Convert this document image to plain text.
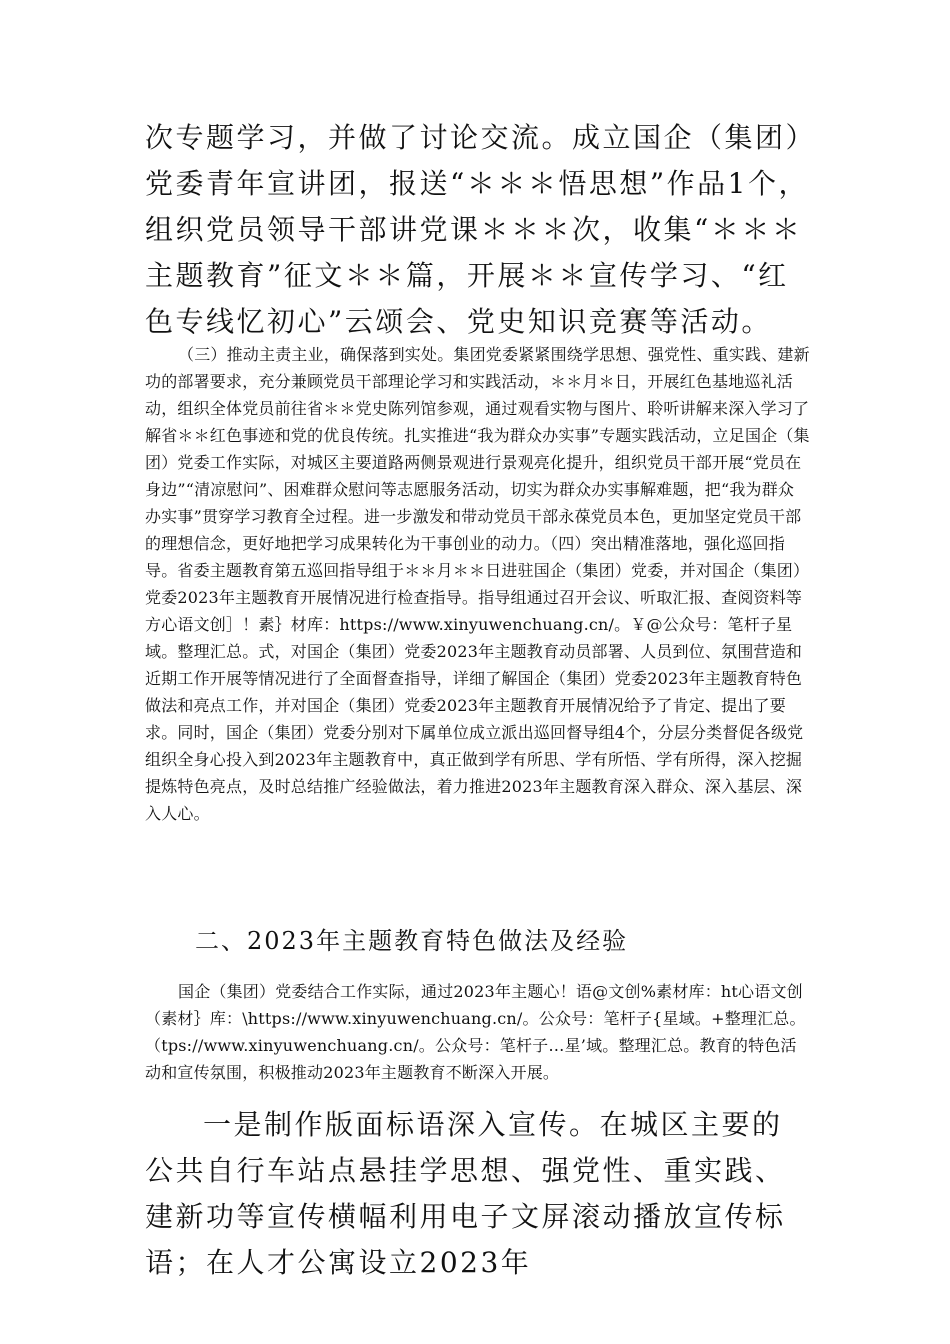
次专题学习，并做了讨论交流。成立国企（集团）党委青年宣讲团，报送“＊＊＊悟思想”作品1个，组织党员领导干部讲党课＊＊＊次，收集“＊＊＊主题教育”征文＊＊篇，开展＊＊宣传学习、“红色专线忆初心”云颂会、党史知识竞赛等活动。

（三）推动主责主业，确保落到实处。集团党委紧紧围绕学思想、强党性、重实践、建新功的部署要求，充分兼顾党员干部理论学习和实践活动，＊＊月＊日，开展红色基地巡礼活动，组织全体党员前往省＊＊党史陈列馆参观，通过观看实物与图片、聆听讲解来深入学习了解省＊＊红色事迹和党的优良传统。扎实推进“我为群众办实事”专题实践活动，立足国企（集团）党委工作实际，对城区主要道路两侧景观进行景观亮化提升，组织党员干部开展“党员在身边”“清凉慰问”、困难群众慰问等志愿服务活动，切实为群众办实事解难题，把“我为群众办实事”贯穿学习教育全过程。进一步激发和带动党员干部永葆党员本色，更加坚定党员干部的理想信念，更好地把学习成果转化为干事创业的动力。（四）突出精准落地，强化巡回指导。省委主题教育第五巡回指导组于＊＊月＊＊日进驻国企（集团）党委，并对国企（集团）党委2023年主题教育开展情况进行检查指导。指导组通过召开会议、听取汇报、查阅资料等方心语文创］！素｝材库：https://www.xinyuwenchuang.cn/。￥@公众号：笔杆子星域。整理汇总。式，对国企（集团）党委2023年主题教育动员部署、人员到位、氛围营造和近期工作开展等情况进行了全面督查指导，详细了解国企（集团）党委2023年主题教育特色做法和亮点工作，并对国企（集团）党委2023年主题教育开展情况给予了肯定、提出了要求。同时，国企（集团）党委分别对下属单位成立派出巡回督导组4个，分层分类督促各级党组织全身心投入到2023年主题教育中，真正做到学有所思、学有所悟、学有所得，深入挖掘提炼特色亮点，及时总结推广经验做法，着力推进2023年主题教育深入群众、深入基层、深入人心。

二、2023年主题教育特色做法及经验

国企（集团）党委结合工作实际，通过2023年主题心！语@文创%素材库：ht心语文创（素材｝库：\https://www.xinyuwenchuang.cn/。公众号：笔杆子{星域。+整理汇总。（tps://www.xinyuwenchuang.cn/。公众号：笔杆子…星’域。整理汇总。教育的特色活动和宣传氛围，积极推动2023年主题教育不断深入开展。

一是制作版面标语深入宣传。在城区主要的公共自行车站点悬挂学思想、强党性、重实践、建新功等宣传横幅利用电子文屏滚动播放宣传标语；在人才公寓设立2023年
